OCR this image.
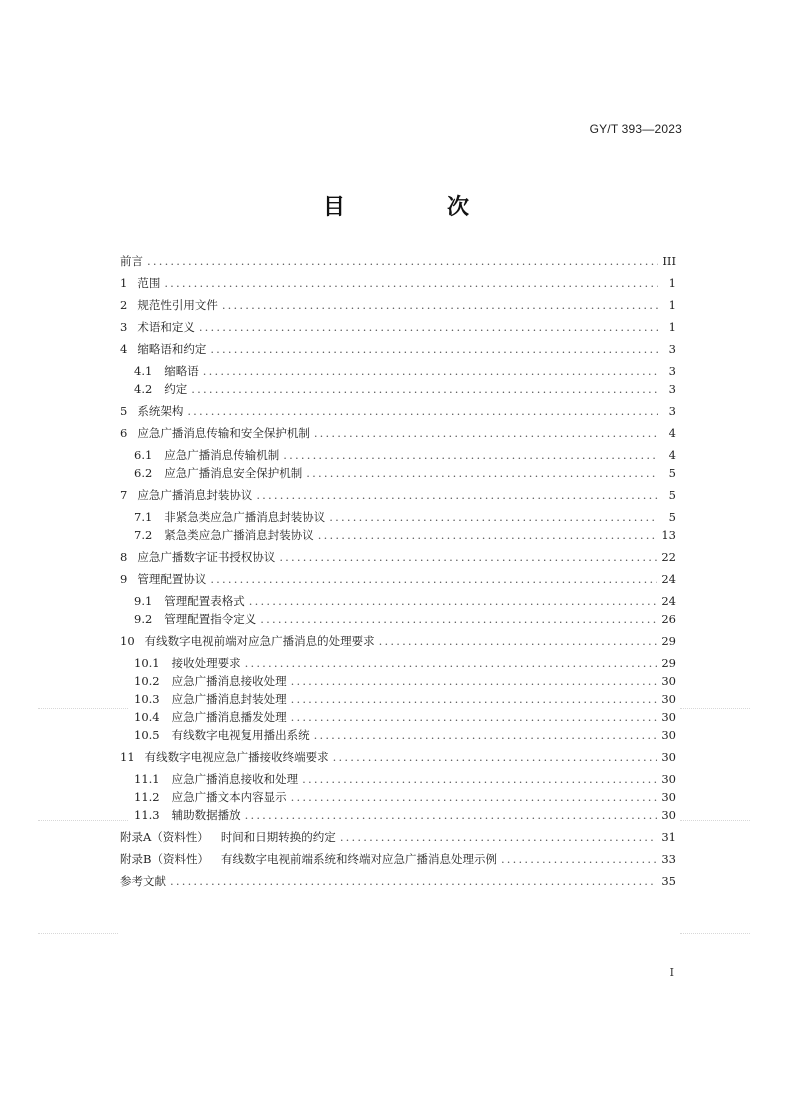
GY/T 393—2023
目　次
前言 .....	III
1 范围 .....	1
2 规范性引用文件 .....	1
3 术语和定义 .....	1
4 缩略语和约定 .....	3
4.1 缩略语 .....	3
4.2 约定 .....	3
5 系统架构 .....	3
6 应急广播消息传输和安全保护机制 .....	4
6.1 应急广播消息传输机制 .....	4
6.2 应急广播消息安全保护机制 .....	5
7 应急广播消息封装协议 .....	5
7.1 非紧急类应急广播消息封装协议 .....	5
7.2 紧急类应急广播消息封装协议 .....	13
8 应急广播数字证书授权协议 .....	22
9 管理配置协议 .....	24
9.1 管理配置表格式 .....	24
9.2 管理配置指令定义 .....	26
10 有线数字电视前端对应急广播消息的处理要求 .....	29
10.1 接收处理要求 .....	29
10.2 应急广播消息接收处理 .....	30
10.3 应急广播消息封装处理 .....	30
10.4 应急广播消息播发处理 .....	30
10.5 有线数字电视复用播出系统 .....	30
11 有线数字电视应急广播接收终端要求 .....	30
11.1 应急广播消息接收和处理 .....	30
11.2 应急广播文本内容显示 .....	30
11.3 辅助数据播放 .....	30
附录A（资料性） 时间和日期转换的约定 .....	31
附录B（资料性） 有线数字电视前端系统和终端对应急广播消息处理示例 .....	33
参考文献 .....	35
I
